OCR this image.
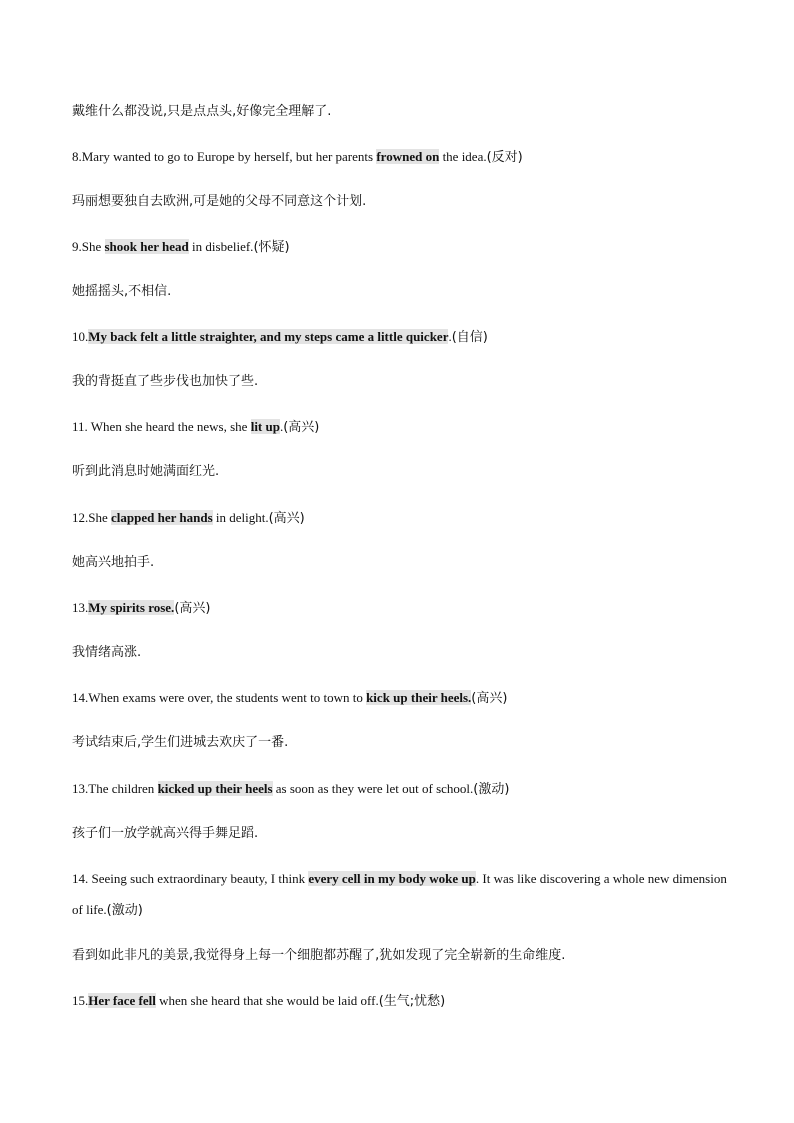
戴维什么都没说,只是点点头,好像完全理解了.
8.Mary wanted to go to Europe by herself, but her parents frowned on the idea.(反对)
玛丽想要独自去欧洲,可是她的父母不同意这个计划.
9.She shook her head in disbelief.(怀疑)
她摇摇头,不相信.
10.My back felt a little straighter, and my steps came a little quicker.(自信)
我的背挺直了些步伐也加快了些.
11. When she heard the news, she lit up.(高兴)
听到此消息时她满面红光.
12.She clapped her hands in delight.(高兴)
她高兴地拍手.
13.My spirits rose.(高兴)
我情绪高涨.
14.When exams were over, the students went to town to kick up their heels.(高兴)
考试结束后,学生们进城去欢庆了一番.
13.The children kicked up their heels as soon as they were let out of school.(激动)
孩子们一放学就高兴得手舞足蹈.
14. Seeing such extraordinary beauty, I think every cell in my body woke up. It was like discovering a whole new dimension of life.(激动)
看到如此非凡的美景,我觉得身上每一个细胞都苏醒了,犹如发现了完全崭新的生命维度.
15.Her face fell when she heard that she would be laid off.(生气;忧愁)
